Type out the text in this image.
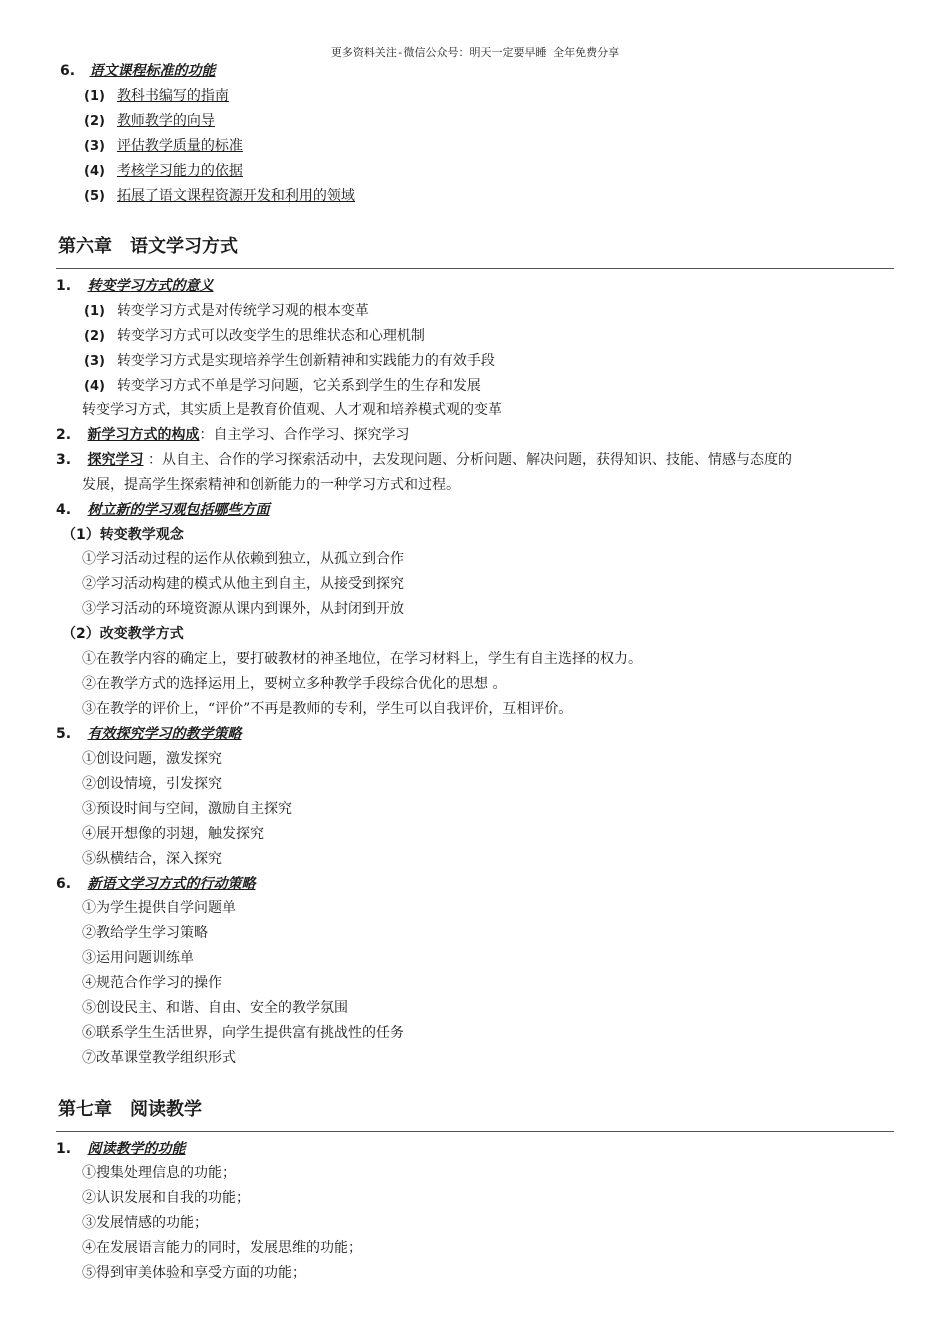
更多资料关注-微信公众号：明天一定要早睡 全年免费分享
6. 语文课程标准的功能
(1) 教科书编写的指南
(2) 教师教学的向导
(3) 评估教学质量的标准
(4) 考核学习能力的依据
(5) 拓展了语文课程资源开发和利用的领域
第六章　语文学习方式
1. 转变学习方式的意义
(1) 转变学习方式是对传统学习观的根本变革
(2) 转变学习方式可以改变学生的思维状态和心理机制
(3) 转变学习方式是实现培养学生创新精神和实践能力的有效手段
(4) 转变学习方式不单是学习问题，它关系到学生的生存和发展
转变学习方式，其实质上是教育价值观、人才观和培养模式观的变革
2. 新学习方式的构成：自主学习、合作学习、探究学习
3. 探究学习 ：从自主、合作的学习探索活动中，去发现问题、分析问题、解决问题，获得知识、技能、情感与态度的
发展，提高学生探索精神和创新能力的一种学习方式和过程。
4. 树立新的学习观包括哪些方面
（1）转变教学观念
①学习活动过程的运作从依赖到独立，从孤立到合作
②学习活动构建的模式从他主到自主，从接受到探究
③学习活动的环境资源从课内到课外，从封闭到开放
（2）改变教学方式
①在教学内容的确定上，要打破教材的神圣地位，在学习材料上，学生有自主选择的权力。
②在教学方式的选择运用上，要树立多种教学手段综合优化的思想 。
③在教学的评价上，“评价”不再是教师的专利，学生可以自我评价，互相评价。
5. 有效探究学习的教学策略
①创设问题，激发探究
②创设情境，引发探究
③预设时间与空间，激励自主探究
④展开想像的羽翅，触发探究
⑤纵横结合，深入探究
6. 新语文学习方式的行动策略
①为学生提供自学问题单
②教给学生学习策略
③运用问题训练单
④规范合作学习的操作
⑤创设民主、和谐、自由、安全的教学氛围
⑥联系学生生活世界，向学生提供富有挑战性的任务
⑦改革课堂教学组织形式
第七章　阅读教学
1. 阅读教学的功能
①搜集处理信息的功能；
②认识发展和自我的功能；
③发展情感的功能；
④在发展语言能力的同时，发展思维的功能；
⑤得到审美体验和享受方面的功能；
